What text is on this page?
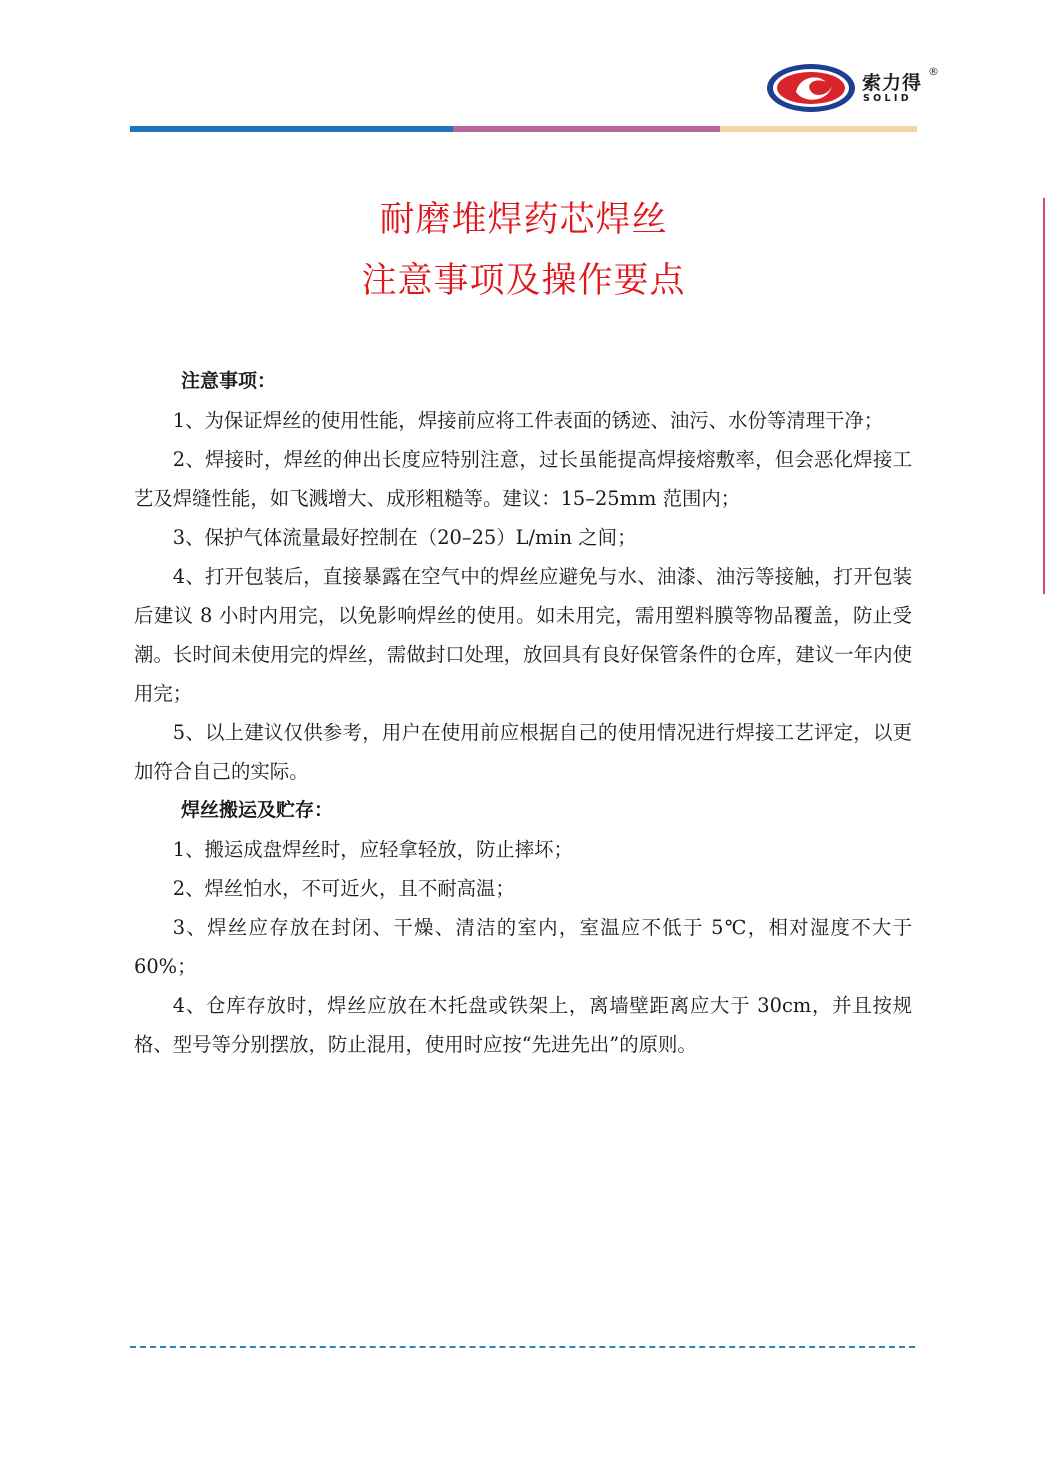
索力得
®
SOLID
耐磨堆焊药芯焊丝
注意事项及操作要点
注意事项：

1、为保证焊丝的使用性能，焊接前应将工件表面的锈迹、油污、水份等清理干净；

2、焊接时，焊丝的伸出长度应特别注意，过长虽能提高焊接熔敷率，但会恶化焊接工艺及焊缝性能，如飞溅增大、成形粗糙等。建议：15–25mm 范围内；

3、保护气体流量最好控制在（20–25）L/min 之间；

4、打开包装后，直接暴露在空气中的焊丝应避免与水、油漆、油污等接触，打开包装后建议 8 小时内用完，以免影响焊丝的使用。如未用完，需用塑料膜等物品覆盖，防止受潮。长时间未使用完的焊丝，需做封口处理，放回具有良好保管条件的仓库，建议一年内使用完；

5、以上建议仅供参考，用户在使用前应根据自己的使用情况进行焊接工艺评定，以更加符合自己的实际。

焊丝搬运及贮存：

1、搬运成盘焊丝时，应轻拿轻放，防止摔坏；

2、焊丝怕水，不可近火，且不耐高温；

3、焊丝应存放在封闭、干燥、清洁的室内，室温应不低于 5℃，相对湿度不大于 60%；

4、仓库存放时，焊丝应放在木托盘或铁架上，离墙壁距离应大于 30cm，并且按规格、型号等分别摆放，防止混用，使用时应按“先进先出”的原则。
